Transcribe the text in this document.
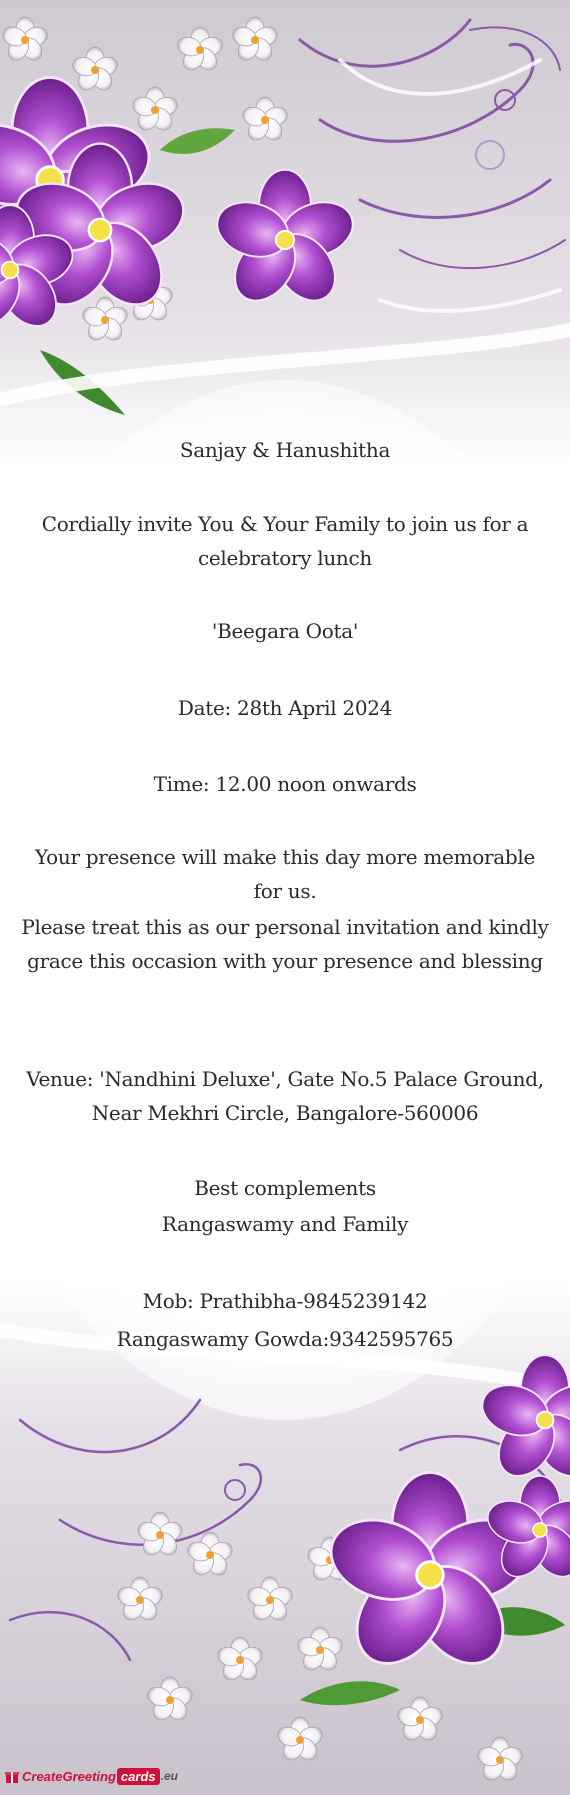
Sanjay & Hanushitha
Cordially invite You & Your Family to join us for a celebratory lunch
'Beegara Oota'
Date: 28th April 2024
Time: 12.00 noon onwards
Your presence will make this day more memorable for us.
Please treat this as our personal invitation and kindly grace this occasion with your presence and blessing
Venue: 'Nandhini Deluxe', Gate No.5 Palace Ground, Near Mekhri Circle, Bangalore-560006
Best complements
Rangaswamy and Family
Mob: Prathibha-9845239142
Rangaswamy Gowda:9342595765
CreateGreeting cards .eu
